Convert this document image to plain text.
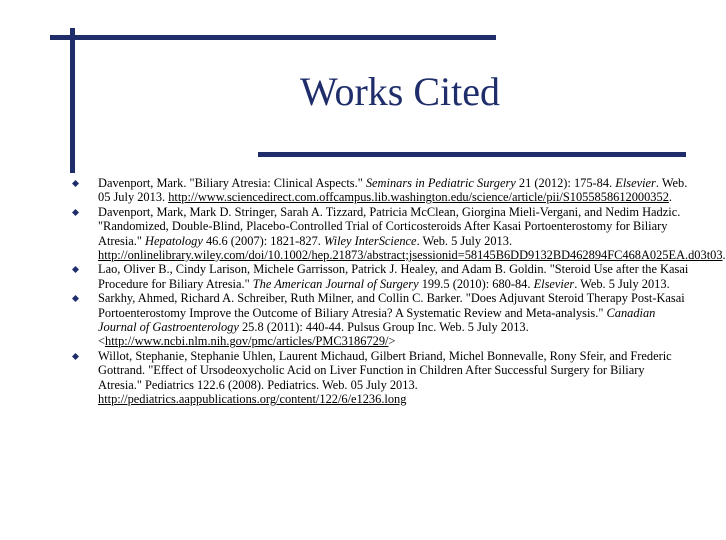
Works Cited
Davenport, Mark. "Biliary Atresia: Clinical Aspects." Seminars in Pediatric Surgery 21 (2012): 175-84. Elsevier. Web. 05 July 2013. http://www.sciencedirect.com.offcampus.lib.washington.edu/science/article/pii/S1055858612000352.
Davenport, Mark, Mark D. Stringer, Sarah A. Tizzard, Patricia McClean, Giorgina Mieli-Vergani, and Nedim Hadzic. "Randomized, Double-Blind, Placebo-Controlled Trial of Corticosteroids After Kasai Portoenterostomy for Biliary Atresia." Hepatology 46.6 (2007): 1821-827. Wiley InterScience. Web. 5 July 2013. http://onlinelibrary.wiley.com/doi/10.1002/hep.21873/abstract;jsessionid=58145B6DD9132BD462894FC468A025EA.d03t03.
Lao, Oliver B., Cindy Larison, Michele Garrisson, Patrick J. Healey, and Adam B. Goldin. "Steroid Use after the Kasai Procedure for Biliary Atresia." The American Journal of Surgery 199.5 (2010): 680-84. Elsevier. Web. 5 July 2013.
Sarkhy, Ahmed, Richard A. Schreiber, Ruth Milner, and Collin C. Barker. "Does Adjuvant Steroid Therapy Post-Kasai Portoenterostomy Improve the Outcome of Biliary Atresia? A Systematic Review and Meta-analysis." Canadian Journal of Gastroenterology 25.8 (2011): 440-44. Pulsus Group Inc. Web. 5 July 2013. <http://www.ncbi.nlm.nih.gov/pmc/articles/PMC3186729/>
Willot, Stephanie, Stephanie Uhlen, Laurent Michaud, Gilbert Briand, Michel Bonnevalle, Rony Sfeir, and Frederic Gottrand. "Effect of Ursodeoxycholic Acid on Liver Function in Children After Successful Surgery for Biliary Atresia." Pediatrics 122.6 (2008). Pediatrics. Web. 05 July 2013. http://pediatrics.aappublications.org/content/122/6/e1236.long
